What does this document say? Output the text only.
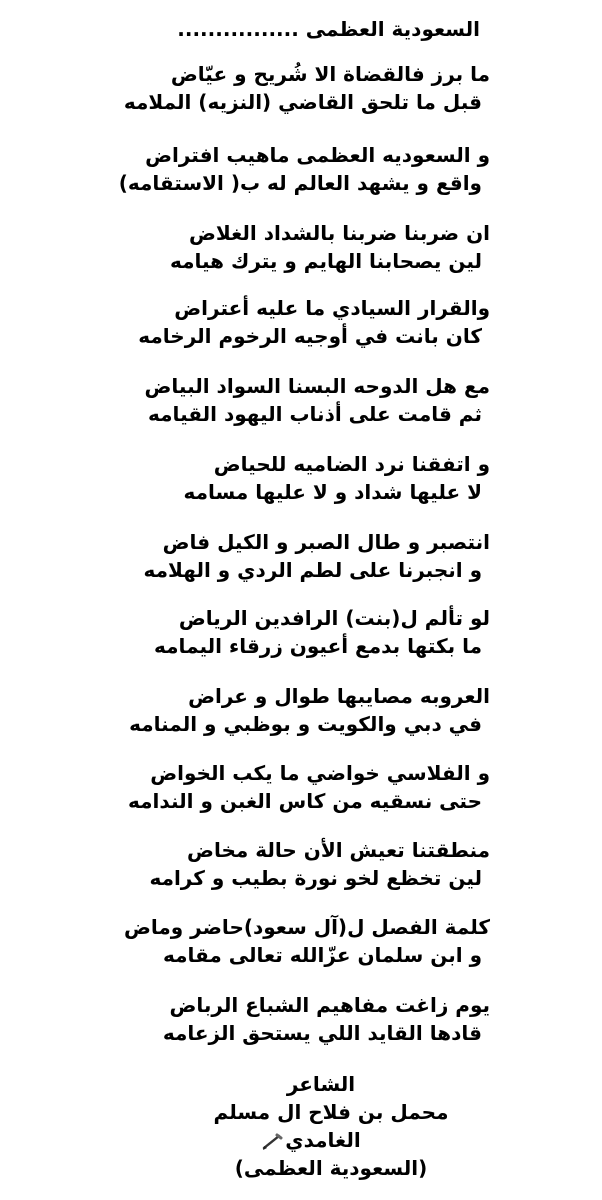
السعودية العظمى ................
ما برز فالقضاة الا شُريح و عيّاض
قبل ما تلحق القاضي (النزيه) الملامه
و السعوديه العظمى ماهيب افتراض
واقع و يشهد العالم له ب( الاستقامه)
ان ضربنا ضربنا بالشداد الغلاض
لين يصحابنا الهايم و يترك هيامه
والقرار السيادي ما عليه أعتراض
كان بانت في أوجيه الرخوم الرخامه
مع هل الدوحه البسنا السواد البياض
ثم قامت على أذناب اليهود القيامه
و اتفقنا نرد الضاميه للحياض
لا عليها شداد و لا عليها مسامه
انتصبر و طال الصبر و الكيل فاض
و انجبرنا على لطم الردي و الهلامه
لو تألم ل(بنت) الرافدين الرياض
ما بكتها بدمع أعيون زرقاء اليمامه
العروبه مصايبها طوال و عراض
في دبي والكويت و بوظبي و المنامه
و الفلاسي خواضي ما يكب الخواض
حتى نسقيه من كاس الغبن و الندامه
منطقتنا تعيش الأن حالة مخاض
لين تخظع لخو نورة بطيب و كرامه
كلمة الفصل ل(آل سعود)حاضر وماض
و ابن سلمان عزّالله تعالى مقامه
يوم زاغت مفاهيم الشباع الرباض
قادها القايد اللي يستحق الزعامه
الشاعر
محمل بن فلاح ال مسلم
الغامدي
(السعودية العظمى)
